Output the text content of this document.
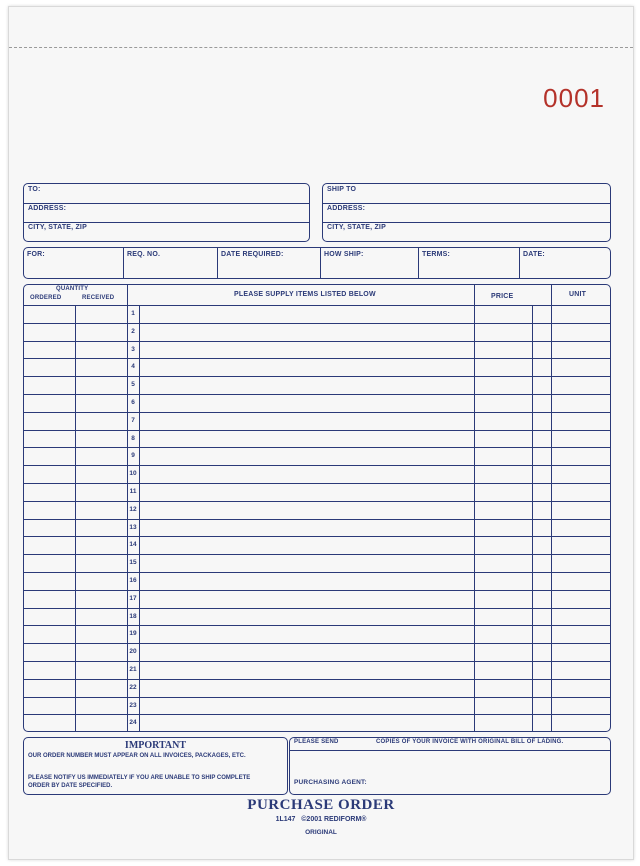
0001
TO:
ADDRESS:
CITY, STATE, ZIP
SHIP TO
ADDRESS:
CITY, STATE, ZIP
FOR:	REQ. NO.	DATE REQUIRED:	HOW SHIP:	TERMS:	DATE:
QUANTITY
ORDERED	RECEIVED	PLEASE SUPPLY ITEMS LISTED BELOW	PRICE	UNIT
1
2
3
4
5
6
7
8
9
10
11
12
13
14
15
16
17
18
19
20
21
22
23
24
IMPORTANT
OUR ORDER NUMBER MUST APPEAR ON ALL INVOICES, PACKAGES, ETC.
PLEASE NOTIFY US IMMEDIATELY IF YOU ARE UNABLE TO SHIP COMPLETE ORDER BY DATE SPECIFIED.
PLEASE SEND	COPIES OF YOUR INVOICE WITH ORIGINAL BILL OF LADING.
PURCHASING AGENT:
PURCHASE ORDER
1L147 ©2001 REDIFORM®
ORIGINAL
